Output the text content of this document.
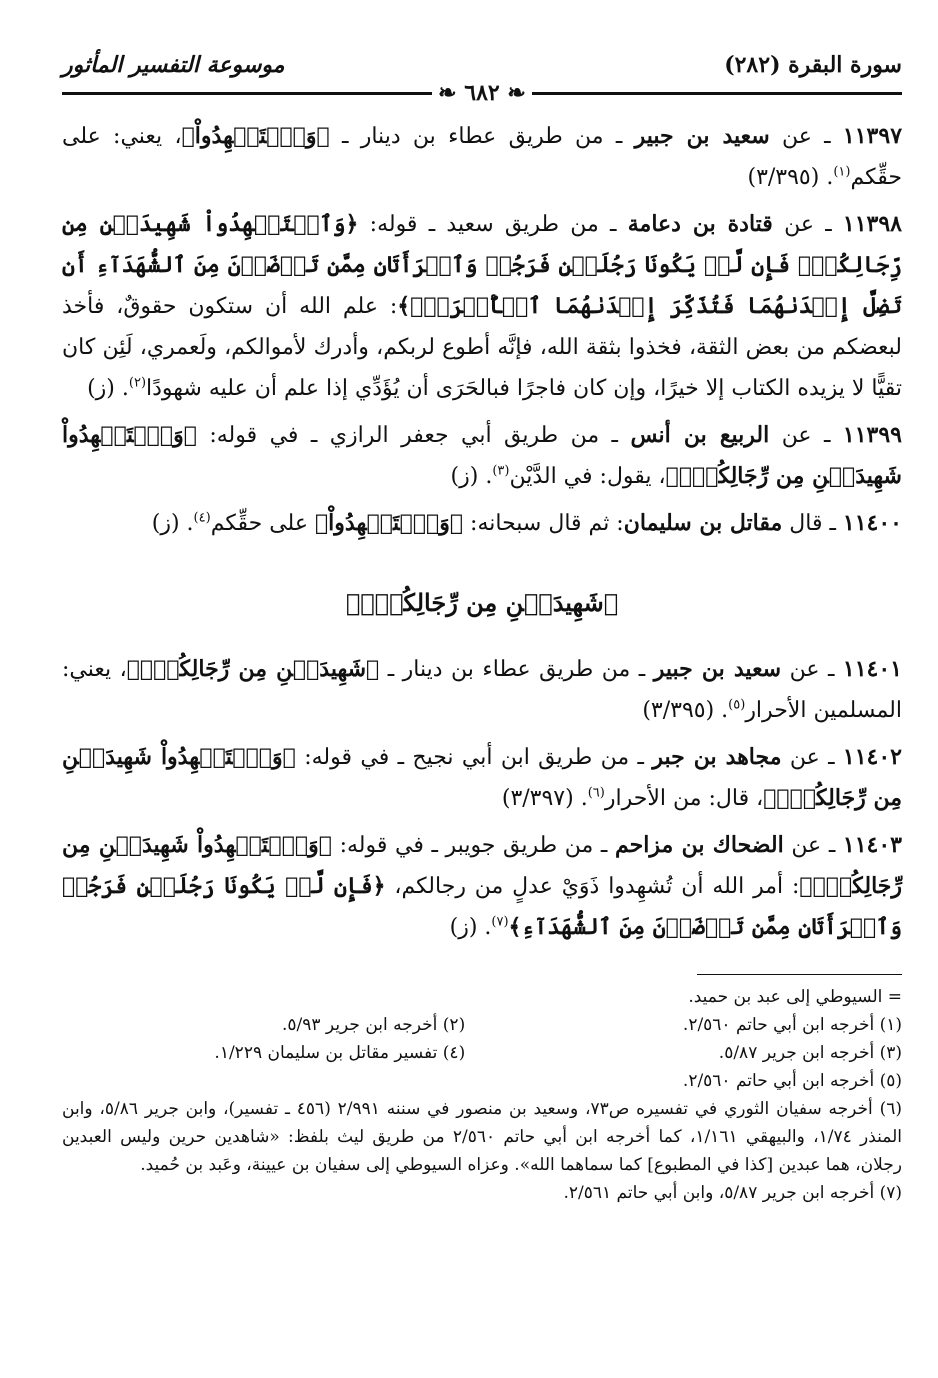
سورة البقرة (٢٨٢)
موسوعة التفسير المأثور
❧ ٦٨٢ ❧

١١٣٩٧ ـ عن سعيد بن جبير ـ من طريق عطاء بن دينار ـ ﴿وَٱسۡتَشۡهِدُواْ﴾، يعني: على حقِّكم$^{(١)}$. (٣/٣٩٥)

١١٣٩٨ ـ عن قتادة بن دعامة ـ من طريق سعيد ـ قوله: ﴿وَٱسۡتَشۡهِدُواْ شَهِيدَيۡنِ مِن رِّجَالِكُمۡۖ فَإِن لَّمۡ يَكُونَا رَجُلَيۡنِ فَرَجُلٞ وَٱمۡرَأَتَانِ مِمَّن تَرۡضَوۡنَ مِنَ ٱلشُّهَدَآءِ أَن تَضِلَّ إِحۡدَىٰهُمَا فَتُذَكِّرَ إِحۡدَىٰهُمَا ٱلۡأُخۡرَىٰۚ﴾: علم الله أن ستكون حقوقٌ، فأخذ لبعضكم من بعض الثقة، فخذوا بثقة الله، فإنَّه أطوع لربكم، وأدرك لأموالكم، ولَعمري، لَئِن كان تقيًّا لا يزيده الكتاب إلا خيرًا، وإن كان فاجرًا فبالحَرَى أن يُؤَدِّي إذا علم أن عليه شهودًا$^{(٢)}$. (ز)

١١٣٩٩ ـ عن الربيع بن أنس ـ من طريق أبي جعفر الرازي ـ في قوله: ﴿وَٱسۡتَشۡهِدُواْ شَهِيدَيۡنِ مِن رِّجَالِكُمۡۖ﴾، يقول: في الدَّيْن$^{(٣)}$. (ز)

١١٤٠٠ ـ قال مقاتل بن سليمان: ثم قال سبحانه: ﴿وَٱسۡتَشۡهِدُواْ﴾ على حقِّكم$^{(٤)}$. (ز)

﴿شَهِيدَيۡنِ مِن رِّجَالِكُمۡۖ﴾

١١٤٠١ ـ عن سعيد بن جبير ـ من طريق عطاء بن دينار ـ ﴿شَهِيدَيۡنِ مِن رِّجَالِكُمۡۖ﴾، يعني: المسلمين الأحرار$^{(٥)}$. (٣/٣٩٥)

١١٤٠٢ ـ عن مجاهد بن جبر ـ من طريق ابن أبي نجيح ـ في قوله: ﴿وَٱسۡتَشۡهِدُواْ شَهِيدَيۡنِ مِن رِّجَالِكُمۡۖ﴾، قال: من الأحرار$^{(٦)}$. (٣/٣٩٧)

١١٤٠٣ ـ عن الضحاك بن مزاحم ـ من طريق جويبر ـ في قوله: ﴿وَٱسۡتَشۡهِدُواْ شَهِيدَيۡنِ مِن رِّجَالِكُمۡۖ﴾: أمر الله أن تُشهِدوا ذَوَيْ عدلٍ من رجالكم، ﴿فَإِن لَّمۡ يَكُونَا رَجُلَيۡنِ فَرَجُلٞ وَٱمۡرَأَتَانِ مِمَّن تَرۡضَوۡنَ مِنَ ٱلشُّهَدَآءِ﴾$^{(٧)}$. (ز)

= السيوطي إلى عبد بن حميد.
(١) أخرجه ابن أبي حاتم ٢/٥٦٠.
(٢) أخرجه ابن جرير ٥/٩٣.
(٣) أخرجه ابن جرير ٥/٨٧.
(٤) تفسير مقاتل بن سليمان ١/٢٢٩.
(٥) أخرجه ابن أبي حاتم ٢/٥٦٠.
(٦) أخرجه سفيان الثوري في تفسيره ص٧٣، وسعيد بن منصور في سننه ٢/٩٩١ (٤٥٦ ـ تفسير)، وابن جرير ٥/٨٦، وابن المنذر ١/٧٤، والبيهقي ١/١٦١، كما أخرجه ابن أبي حاتم ٢/٥٦٠ من طريق ليث بلفظ: «شاهدين حرين وليس العبدين رجلان، هما عبدين [كذا في المطبوع] كما سماهما الله». وعزاه السيوطي إلى سفيان بن عيينة، وعَبد بن حُميد.
(٧) أخرجه ابن جرير ٥/٨٧، وابن أبي حاتم ٢/٥٦١.
